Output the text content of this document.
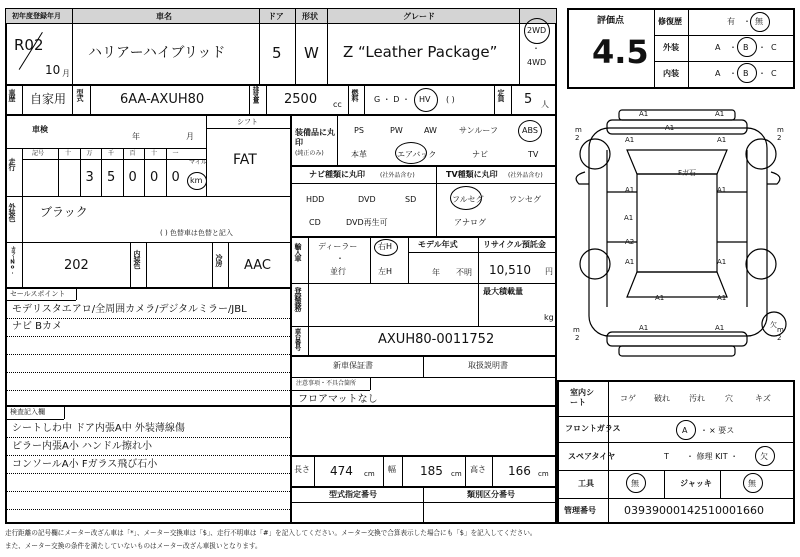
初年度登録年月	車名	ドア 形状	グレード
R02
10 月
ハリアーハイブリッド	5 W Z “Leather Package”
2WD
・
4WD
車歴 自家用 型式	6AA-AXUH80	排気量 2500 cc
燃料 G ・ D ・ HV ( )	定員 5 人
車検
年	月
シフト
FAT
走行
記号	十	万
3
千
5
百
0
十
0
一
0
マイル
km
外装色 ブラック
( ) 色替車は色替と記入
カラーNo.	202	内装色	冷房 AAC
セールスポイント
モデリスタエアロ/全周囲カメラ/デジタルミラー/JBL
ナビ Bカメ
検査記入欄
シートしわ中 ドア内張A中 外装薄線傷
ピラー内張A小 ハンドル擦れ小
コンソールA小 Fガラス飛び石小
装備品に丸印
(純正のみ)
PS	PW	AW	サンルーフ	ABS
本革	エアバック	ナビ	TV
ナビ種類に丸印	(社外品含む)	TV種類に丸印 (社外品含む)
HDD	DVD	SD
CD	DVD再生可
フルセグ	ワンセグ
アナログ
輸入車 ディーラー
・
並行
右H
左H
モデル年式
年 不明
リサイクル預託金
10,510 円
登録義務	最大積載量
kg
車台番号	AXUH80-0011752
新車保証書	取扱説明書
注意事項・不具合箇所
フロアマットなし
長さ 474 cm 幅 185 cm 高さ 166 cm
型式指定番号	類別区分番号
評価点
4.5
修復歴	有 ・ 無
外装	A ・ B ・ C
内装	A ・ B ・ C
m
m
m
m
2
2
2
2
A1	A1
A1	A1
A1
A1	A1
A1
A1	A1
A2
A1	A1
A1	A1
Fガ石
欠
室内シート	コゲ 破れ 汚れ	穴	キズ
フロントガラス	A ・ × 要ス
スペアタイヤ	T ・ 修理 KIT ・	欠
工具	無	ジャッキ	無
管理番号	03939000142510001660
走行距離の記号欄にメーター改ざん車は「*」、メーター交換車は「$」、走行不明車は「#」を記入してください。メーター交換で合算表示した場合にも「$」を記入してください。
また、メーター交換の条件を満たしていないものはメーター改ざん車扱いとなります。
